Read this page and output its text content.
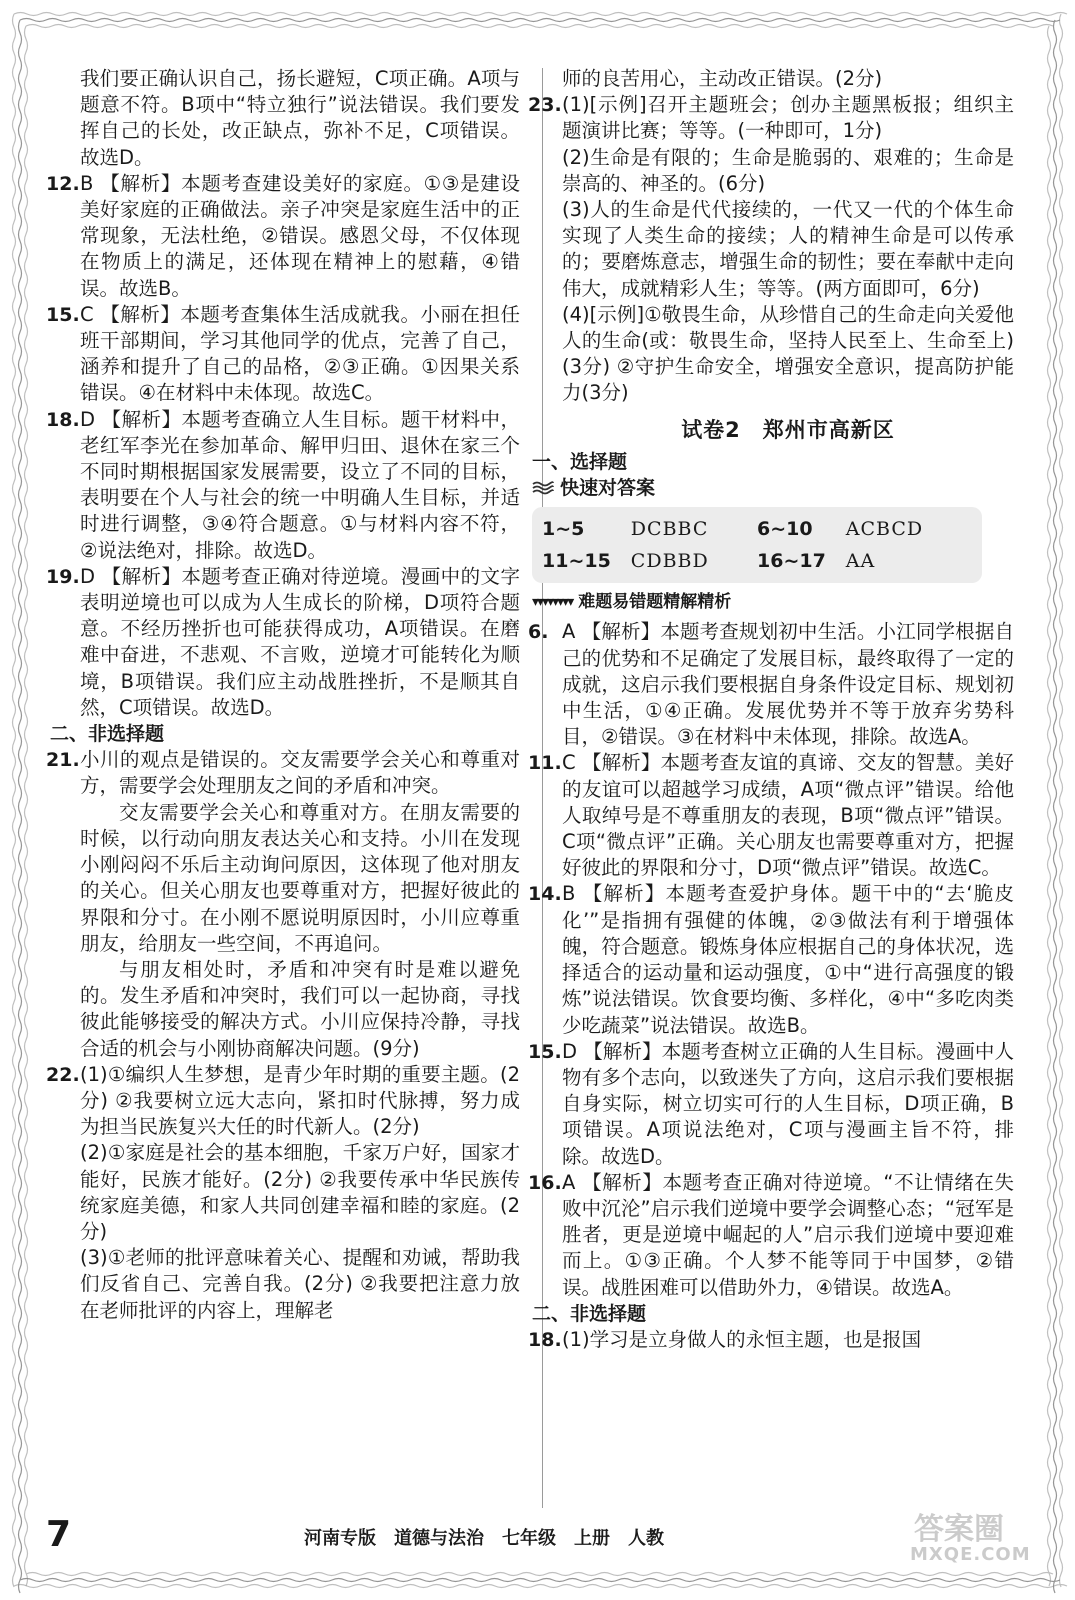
我们要正确认识自己，扬长避短，C项正确。A项与题意不符。B项中“特立独行”说法错误。我们要发挥自己的长处，改正缺点，弥补不足，C项错误。故选D。

12. B 【解析】本题考查建设美好的家庭。①③是建设美好家庭的正确做法。亲子冲突是家庭生活中的正常现象，无法杜绝，②错误。感恩父母，不仅体现在物质上的满足，还体现在精神上的慰藉，④错误。故选B。
15. C 【解析】本题考查集体生活成就我。小丽在担任班干部期间，学习其他同学的优点，完善了自己，涵养和提升了自己的品格，②③正确。①因果关系错误。④在材料中未体现。故选C。
18. D 【解析】本题考查确立人生目标。题干材料中，老红军李光在参加革命、解甲归田、退休在家三个不同时期根据国家发展需要，设立了不同的目标，表明要在个人与社会的统一中明确人生目标，并适时进行调整，③④符合题意。①与材料内容不符，②说法绝对，排除。故选D。
19. D 【解析】本题考查正确对待逆境。漫画中的文字表明逆境也可以成为人生成长的阶梯，D项符合题意。不经历挫折也可能获得成功，A项错误。在磨难中奋进，不悲观、不言败，逆境才可能转化为顺境，B项错误。我们应主动战胜挫折，不是顺其自然，C项错误。故选D。
二、非选择题
21. 小川的观点是错误的。交友需要学会关心和尊重对方，需要学会处理朋友之间的矛盾和冲突。

交友需要学会关心和尊重对方。在朋友需要的时候，以行动向朋友表达关心和支持。小川在发现小刚闷闷不乐后主动询问原因，这体现了他对朋友的关心。但关心朋友也要尊重对方，把握好彼此的界限和分寸。在小刚不愿说明原因时，小川应尊重朋友，给朋友一些空间，不再追问。

与朋友相处时，矛盾和冲突有时是难以避免的。发生矛盾和冲突时，我们可以一起协商，寻找彼此能够接受的解决方式。小川应保持冷静，寻找合适的机会与小刚协商解决问题。(9分)

22. (1)①编织人生梦想，是青少年时期的重要主题。(2分) ②我要树立远大志向，紧扣时代脉搏，努力成为担当民族复兴大任的时代新人。(2分)

(2)①家庭是社会的基本细胞，千家万户好，国家才能好，民族才能好。(2分) ②我要传承中华民族传统家庭美德，和家人共同创建幸福和睦的家庭。(2分)

(3)①老师的批评意味着关心、提醒和劝诫，帮助我们反省自己、完善自我。(2分) ②我要把注意力放在老师批评的内容上，理解老

师的良苦用心，主动改正错误。(2分)

23. (1)[示例]召开主题班会；创办主题黑板报；组织主题演讲比赛；等等。(一种即可，1分)

(2)生命是有限的；生命是脆弱的、艰难的；生命是崇高的、神圣的。(6分)

(3)人的生命是代代接续的，一代又一代的个体生命实现了人类生命的接续；人的精神生命是可以传承的；要磨炼意志，增强生命的韧性；要在奉献中走向伟大，成就精彩人生；等等。(两方面即可，6分)

(4)[示例]①敬畏生命，从珍惜自己的生命走向关爱他人的生命(或：敬畏生命，坚持人民至上、生命至上)(3分) ②守护生命安全，增强安全意识，提高防护能力(3分)

试卷2　郑州市高新区
一、选择题
快速对答案
1~5	DCBBC	6~10	ACBCD
11~15	CDBBD	16~17	AA
▾▾▾▾▾▾▾▾ 难题易错题精解精析
6. A 【解析】本题考查规划初中生活。小江同学根据自己的优势和不足确定了发展目标，最终取得了一定的成就，这启示我们要根据自身条件设定目标、规划初中生活，①④正确。发展优势并不等于放弃劣势科目，②错误。③在材料中未体现，排除。故选A。
11. C 【解析】本题考查友谊的真谛、交友的智慧。美好的友谊可以超越学习成绩，A项“微点评”错误。给他人取绰号是不尊重朋友的表现，B项“微点评”错误。C项“微点评”正确。关心朋友也需要尊重对方，把握好彼此的界限和分寸，D项“微点评”错误。故选C。
14. B 【解析】本题考查爱护身体。题干中的“去‘脆皮化’”是指拥有强健的体魄，②③做法有利于增强体魄，符合题意。锻炼身体应根据自己的身体状况，选择适合的运动量和运动强度，①中“进行高强度的锻炼”说法错误。饮食要均衡、多样化，④中“多吃肉类少吃蔬菜”说法错误。故选B。
15. D 【解析】本题考查树立正确的人生目标。漫画中人物有多个志向，以致迷失了方向，这启示我们要根据自身实际，树立切实可行的人生目标，D项正确，B项错误。A项说法绝对，C项与漫画主旨不符，排除。故选D。
16. A 【解析】本题考查正确对待逆境。“不让情绪在失败中沉沦”启示我们逆境中要学会调整心态；“冠军是胜者，更是逆境中崛起的人”启示我们逆境中要迎难而上。①③正确。个人梦不能等同于中国梦，②错误。战胜困难可以借助外力，④错误。故选A。
二、非选择题
18. (1)学习是立身做人的永恒主题，也是报国
7	河南专版　道德与法治　七年级　上册　人教	答案圈
MXQE.COM
